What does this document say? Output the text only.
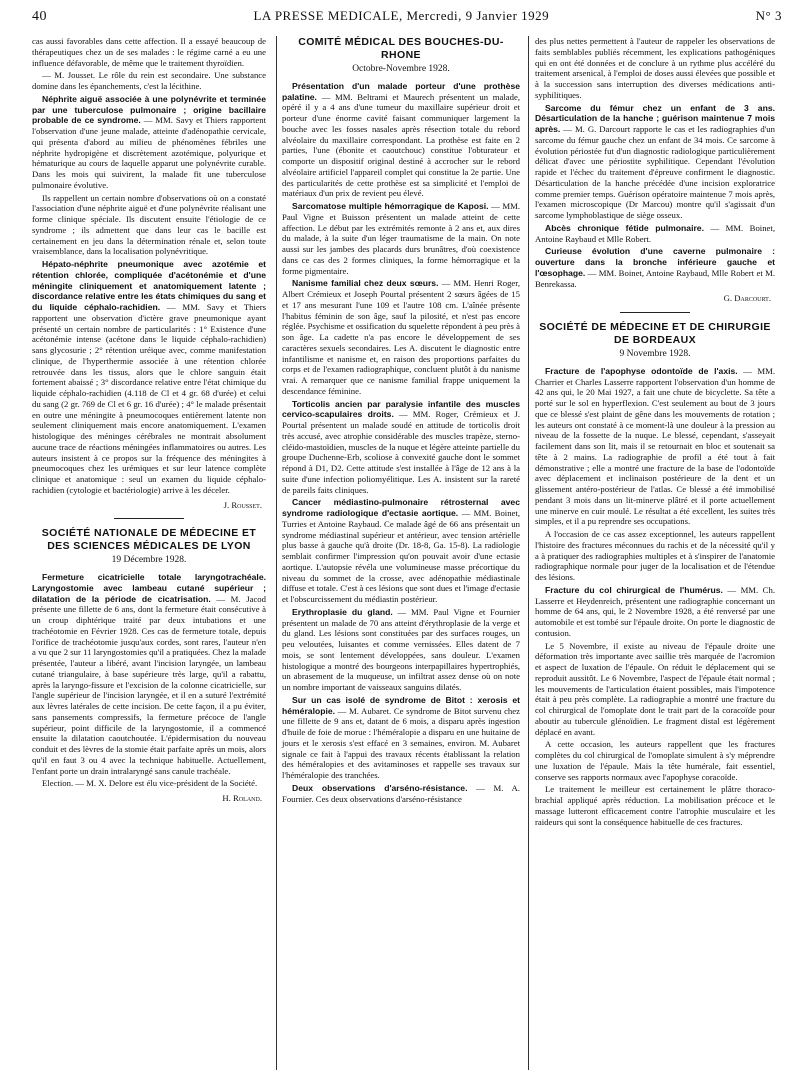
40	LA PRESSE MEDICALE, Mercredi, 9 Janvier 1929	N° 3

cas aussi favorables dans cette affection. Il a essayé beaucoup de thérapeutiques chez un de ses malades : le régime carné a eu une influence défavorable, de même que le traitement thyroïdien.

— M. Jousset. Le rôle du rein est secondaire. Une substance domine dans les épanchements, c'est la lécithine.

Néphrite aiguë associée à une polynévrite et terminée par une tuberculose pulmonaire ; origine bacillaire probable de ce syndrome. — MM. Savy et Thiers rapportent l'observation d'une jeune malade, atteinte d'adénopathie cervicale, qui présenta d'abord au milieu de phénomènes fébriles une néphrite hydropigène et discrètement azotémique, polyurique et hématurique au cours de laquelle apparut une polynévrite curable. Dans les mois qui suivirent, la malade fit une tuberculose pulmonaire évolutive.

Ils rappellent un certain nombre d'observations où on a constaté l'association d'une néphrite aiguë et d'une polynévrite réalisant une forme clinique spéciale. Ils discutent ensuite l'étiologie de ce syndrome ; ils admettent que dans leur cas le bacille est certainement en jeu dans la détermination rénale et, selon toute vraisemblance, dans la localisation polynévritique.

Hépato-néphrite pneumonique avec azotémie et rétention chlorée, compliquée d'acétonémie et d'une méningite cliniquement et anatomiquement latente ; discordance relative entre les états chimiques du sang et du liquide céphalo-rachidien. — MM. Savy et Thiers rapportent une observation d'ictère grave pneumonique ayant présenté un certain nombre de particularités : 1° Existence d'une acétonémie intense (acétone dans le liquide céphalo-rachidien) sans glycosurie ; 2° rétention uréique avec, comme manifestation clinique, de l'hyperthermie associée à une rétention chlorée retrouvée dans les tissus, alors que le chlore sanguin était fortement abaissé ; 3° discordance relative entre l'état chimique du liquide céphalo-rachidien (4.118 de Cl et 4 gr. 68 d'urée) et celui du sang (2 gr. 769 de Cl et 6 gr. 16 d'urée) ; 4° le malade présentait en outre une méningite à pneumocoques entièrement latente non seulement cliniquement mais encore anatomiquement. L'examen histologique des méninges cérébrales ne montrait absolument aucune trace de réactions méningées inflammatoires ou autres. Les auteurs insistent à ce propos sur la fréquence des méningites à pneumocoques chez les urémiques et sur leur latence complète clinique et anatomique : seul un examen du liquide céphalo-rachidien (cytologie et bactériologie) arrive à les déceler.

J. Rousset.

SOCIÉTÉ NATIONALE DE MÉDECINE ET DES SCIENCES MÉDICALES DE LYON
19 Décembre 1928.

Fermeture cicatricielle totale laryngotrachéale. Laryngostomie avec lambeau cutané supérieur ; dilatation de la période de cicatrisation. — M. Jacod présente une fillette de 6 ans, dont la fermeture était consécutive à un croup diphtérique traité par deux intubations et une trachéotomie en Février 1928. Ces cas de fermeture totale, depuis l'orifice de trachéotomie jusqu'aux cordes, sont rares, l'auteur n'en a vu que 2 sur 11 laryngostomies qu'il a pratiquées. Chez la malade présentée, l'auteur a libéré, avant l'incision laryngée, un lambeau cutané triangulaire, à base supérieure très large, qu'il a rabattu, après la laryngo-fissure et l'excision de la colonne cicatricielle, sur l'angle supérieur de l'incision laryngée, et il en a suturé l'extrémité aux lèvres latérales de cette incision. De cette façon, il a pu éviter, sans pansements compressifs, la fermeture précoce de l'angle supérieur, point difficile de la laryngostomie, il a commencé ensuite la dilatation caoutchoutée. L'épidermisation du nouveau conduit et des lèvres de la stomie était parfaite après un mois, alors qu'il en faut 3 ou 4 avec la technique habituelle. Actuellement, l'enfant porte un drain intralaryngé sans canule trachéale.

Election. — M. X. Delore est élu vice-président de la Société.

H. Roland.

COMITÉ MÉDICAL DES BOUCHES-DU-RHONE
Octobre-Novembre 1928.

Présentation d'un malade porteur d'une prothèse palatine. — MM. Beltrami et Maurech présentent un malade, opéré il y a 4 ans d'une tumeur du maxillaire supérieur droit et porteur d'une énorme cavité faisant communiquer largement la bouche avec les fosses nasales après résection totale du rebord alvéolaire du maxillaire correspondant. La prothèse est faite en 2 parties, l'une (ébonite et caoutchouc) constitue l'obturateur et comporte un dispositif original destiné à accrocher sur le rebord alvéolaire artificiel l'appareil complet qui constitue la 2e partie. Une des particularités de cette prothèse est sa simplicité et l'emploi de matériaux d'un prix de revient peu élevé.

Sarcomatose multiple hémorragique de Kaposi. — MM. Paul Vigne et Buisson présentent un malade atteint de cette affection. Le début par les extrémités remonte à 2 ans et, aux dires du malade, à la suite d'un léger traumatisme de la main. On note aussi sur les jambes des placards durs brunâtres, d'où coexistence dans ce cas des 2 formes cliniques, la forme hémorragique et la forme pigmentaire.

Nanisme familial chez deux sœurs. — MM. Henri Roger, Albert Crémieux et Joseph Pourtal présentent 2 sœurs âgées de 15 et 17 ans mesurant l'une 109 et l'autre 108 cm. L'aînée présente l'habitus féminin de son âge, sauf la pilosité, et n'est pas encore réglée. Psychisme et ossification du squelette répondent à peu près à son âge. La cadette n'a pas encore le développement de ses caractères sexuels secondaires. Les A. discutent le diagnostic entre infantilisme et nanisme et, en raison des proportions parfaites du corps et de l'examen radiographique, concluent plutôt à du nanisme vrai. A remarquer que ce nanisme familial frappe uniquement la descendance féminine.

Torticolis ancien par paralysie infantile des muscles cervico-scapulaires droits. — MM. Roger, Crémieux et J. Pourtal présentent un malade soudé en attitude de torticolis droit très accusé, avec atrophie considérable des muscles trapèze, sterno-cléido-mastoïdien, muscles de la nuque et légère atteinte partielle du groupe Duchenne-Erb, scoliose à convexité gauche dont le sommet répond à D1, D2. Cette attitude s'est installée à l'âge de 12 ans à la suite d'une infection poliomyélitique. Les A. insistent sur la rareté de pareils faits cliniques.

Cancer médiastino-pulmonaire rétrosternal avec syndrome radiologique d'ectasie aortique. — MM. Boinet, Turries et Antoine Raybaud. Ce malade âgé de 66 ans présentait un syndrome médiastinal supérieur et antérieur, avec tension artérielle plus basse à gauche qu'à droite (Dr. 18-8, Ga. 15-8). La radiologie semblait confirmer l'impression qu'on pouvait avoir d'une ectasie aortique. L'autopsie révéla une volumineuse masse précortique du niveau du sommet de la crosse, avec adénopathie médiastinale diffuse et totale. C'est à ces lésions que sont dues et l'image d'ectasie et l'obscurcissement du médiastin postérieur.

Erythroplasie du gland. — MM. Paul Vigne et Fournier présentent un malade de 70 ans atteint d'érythroplasie de la verge et du gland. Les lésions sont constituées par des surfaces rouges, un peu veloutées, luisantes et comme vernissées. Elles datent de 7 mois, se sont lentement développées, sans douleur. L'examen histologique a montré des bourgeons interpapillaires hypertrophiés, un abrasement de la muqueuse, un infiltrat assez dense où on note un nombre important de vaisseaux sanguins dilatés.

Sur un cas isolé de syndrome de Bitot : xerosis et héméralopie. — M. Aubaret. Ce syndrome de Bitot survenu chez une fillette de 9 ans et, datant de 6 mois, a disparu après ingestion d'huile de foie de morue : l'héméralopie a disparu en une huitaine de jours et le xerosis s'est effacé en 3 semaines, environ. M. Aubaret signale ce fait à l'appui des travaux récents établissant la relation des héméralopies et des avitaminoses et rappelle ses travaux sur l'héméralopie des tranchées.

Deux observations d'arséno-résistance. — M. A. Fournier. Ces deux observations d'arséno-résistance

des plus nettes permettent à l'auteur de rappeler les observations de faits semblables publiés récemment, les explications pathogéniques qui en ont été données et de conclure à un rythme plus accéléré du traitement arsenical, à l'emploi de doses aussi élevées que possible et à la succession sans interruption des diverses médications anti-syphilitiques.

Sarcome du fémur chez un enfant de 3 ans. Désarticulation de la hanche ; guérison maintenue 7 mois après. — M. G. Darcourt rapporte le cas et les radiographies d'un sarcome du fémur gauche chez un enfant de 34 mois. Ce sarcome à évolution périostée fut d'un diagnostic radiologique particulièrement délicat d'avec une périostite syphilitique. Cependant l'évolution rapide et l'échec du traitement d'épreuve confirment le diagnostic. Désarticulation de la hanche précédée d'une incision exploratrice comme premier temps. Guérison opératoire maintenue 7 mois après, l'examen microscopique (Dr Marcou) montre qu'il s'agissait d'un sarcome lymphoblastique de siège osseux.

Abcès chronique fétide pulmonaire. — MM. Boinet, Antoine Raybaud et Mlle Robert.

Curieuse évolution d'une caverne pulmonaire : ouverture dans la bronche inférieure gauche et l'œsophage. — MM. Boinet, Antoine Raybaud, Mlle Robert et M. Benrekassa.

G. Darcourt.

SOCIÉTÉ DE MÉDECINE ET DE CHIRURGIE DE BORDEAUX
9 Novembre 1928.

Fracture de l'apophyse odontoïde de l'axis. — MM. Charrier et Charles Lasserre rapportent l'observation d'un homme de 42 ans qui, le 20 Mai 1927, a fait une chute de bicyclette. Sa tête a porté sur le sol en hyperflexion. C'est seulement au bout de 3 jours que ce blessé s'est plaint de gêne dans les mouvements de rotation ; les auteurs ont constaté à ce moment-là une douleur à la pression au niveau de la fossette de la nuque. Le blessé, cependant, s'asseyait facilement dans son lit, mais il se retournait en bloc et soutenait sa tête à 2 mains. La radiographie de profil a été tout à fait démonstrative ; elle a montré une fracture de la base de l'odontoïde avec déplacement et inclinaison postérieure de la dent et un glissement antéro-postérieur de l'atlas. Ce blessé a été immobilisé pendant 3 mois dans un lit-minerve plâtré et il porte actuellement une minerve en cuir moulé. Le résultat a été excellent, les suites très simples, et il a pu reprendre ses occupations.

A l'occasion de ce cas assez exceptionnel, les auteurs rappellent l'histoire des fractures méconnues du rachis et de la nécessité qu'il y a à pratiquer des radiographies multiples et à s'inspirer de l'anatomie radiographique normale pour juger de la localisation et de l'étendue des lésions.

Fracture du col chirurgical de l'humérus. — MM. Ch. Lasserre et Heydenreich, présentent une radiographie concernant un homme de 64 ans, qui, le 2 Novembre 1928, a été renversé par une automobile et est tombé sur l'épaule droite. On porte le diagnostic de contusion.

Le 5 Novembre, il existe au niveau de l'épaule droite une déformation très importante avec saillie très marquée de l'acromion et aspect de luxation de l'épaule. On réduit le déplacement qui se reproduit aussitôt. Le 6 Novembre, l'aspect de l'épaule était normal ; les mouvements de l'articulation étaient possibles, mais l'impotence était à peu près complète. La radiographie a montré une fracture du col chirurgical de l'omoplate dont le trait part de la coracoïde pour aboutir au tubercule glénoïdien. Le fragment distal est légèrement déplacé en avant.

A cette occasion, les auteurs rappellent que les fractures complètes du col chirurgical de l'omoplate simulent à s'y méprendre une luxation de l'épaule. Mais la tête humérale, fait essentiel, conserve ses rapports normaux avec l'apophyse coracoïde.

Le traitement le meilleur est certainement le plâtre thoraco-brachial appliqué après réduction. La mobilisation précoce et le massage lutteront efficacement contre l'atrophie musculaire et les raideurs qui sont la conséquence habituelle de ces fractures.
